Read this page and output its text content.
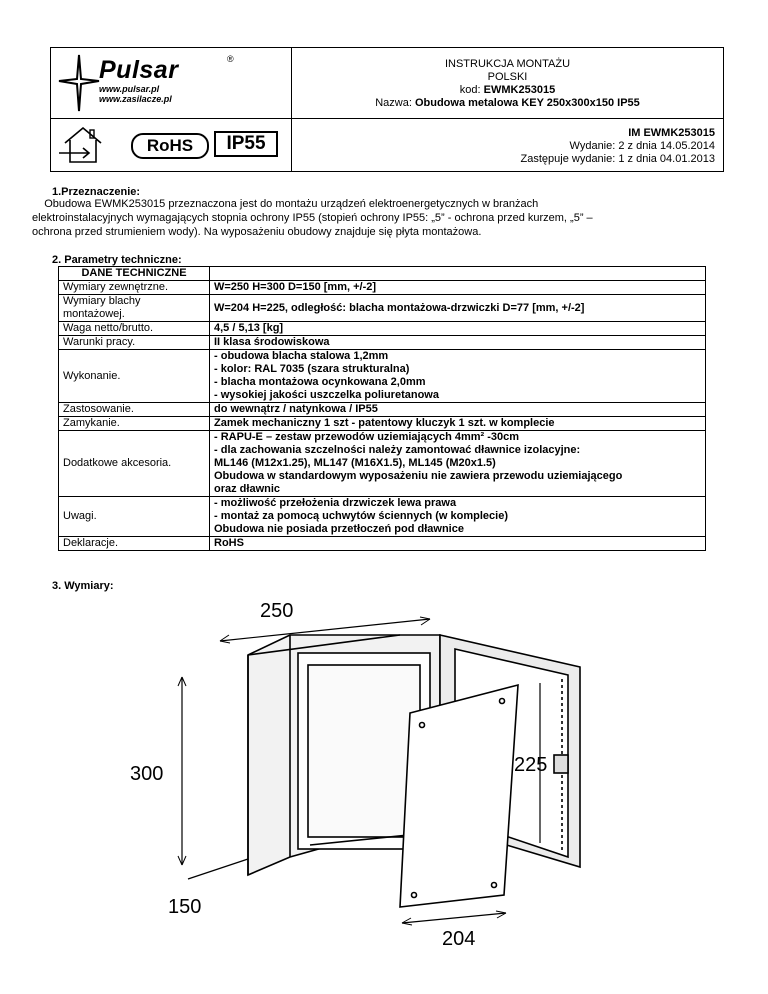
Pulsar	®
www.pulsar.pl
www.zasilacze.pl
INSTRUKCJA MONTAŻU
POLSKI
kod: EWMK253015
Nazwa: Obudowa metalowa KEY 250x300x150 IP55
RoHS	IP55	IM EWMK253015
Wydanie: 2 z dnia 14.05.2014
Zastępuje wydanie: 1 z dnia 04.01.2013
1.Przeznaczenie:
Obudowa EWMK253015 przeznaczona jest do montażu urządzeń elektroenergetycznych w branżach
elektroinstalacyjnych wymagających stopnia ochrony IP55 (stopień ochrony IP55: „5” - ochrona przed kurzem, „5” –
ochrona przed strumieniem wody). Na wyposażeniu obudowy znajduje się płyta montażowa.
2. Parametry techniczne:
DANE TECHNICZNE	
Wymiary zewnętrzne.	W=250 H=300 D=150 [mm, +/-2]

Wymiary blachy montażowej.	W=204 H=225, odległość: blacha montażowa-drzwiczki D=77 [mm, +/-2]

Waga netto/brutto.	4,5 / 5,13 [kg]

Warunki pracy.	II klasa środowiskowa

Wykonanie.	- obudowa blacha stalowa 1,2mm
- kolor: RAL 7035 (szara strukturalna)
- blacha montażowa ocynkowana 2,0mm
- wysokiej jakości uszczelka poliuretanowa

Zastosowanie.	do wewnątrz / natynkowa / IP55

Zamykanie.	Zamek mechaniczny 1 szt - patentowy kluczyk 1 szt. w komplecie

Dodatkowe akcesoria.	- RAPU-E – zestaw przewodów uziemiających 4mm² -30cm
- dla zachowania szczelności należy zamontować dławnice izolacyjne:
ML146 (M12x1.25), ML147 (M16X1.5), ML145 (M20x1.5)
Obudowa w standardowym wyposażeniu nie zawiera przewodu uziemiającego
oraz dławnic

Uwagi.	- możliwość przełożenia drzwiczek lewa prawa
- montaż za pomocą uchwytów ściennych (w komplecie)
Obudowa nie posiada przetłoczeń pod dławnice

Deklaracje.	RoHS
3. Wymiary:
250
300
150
225
204
